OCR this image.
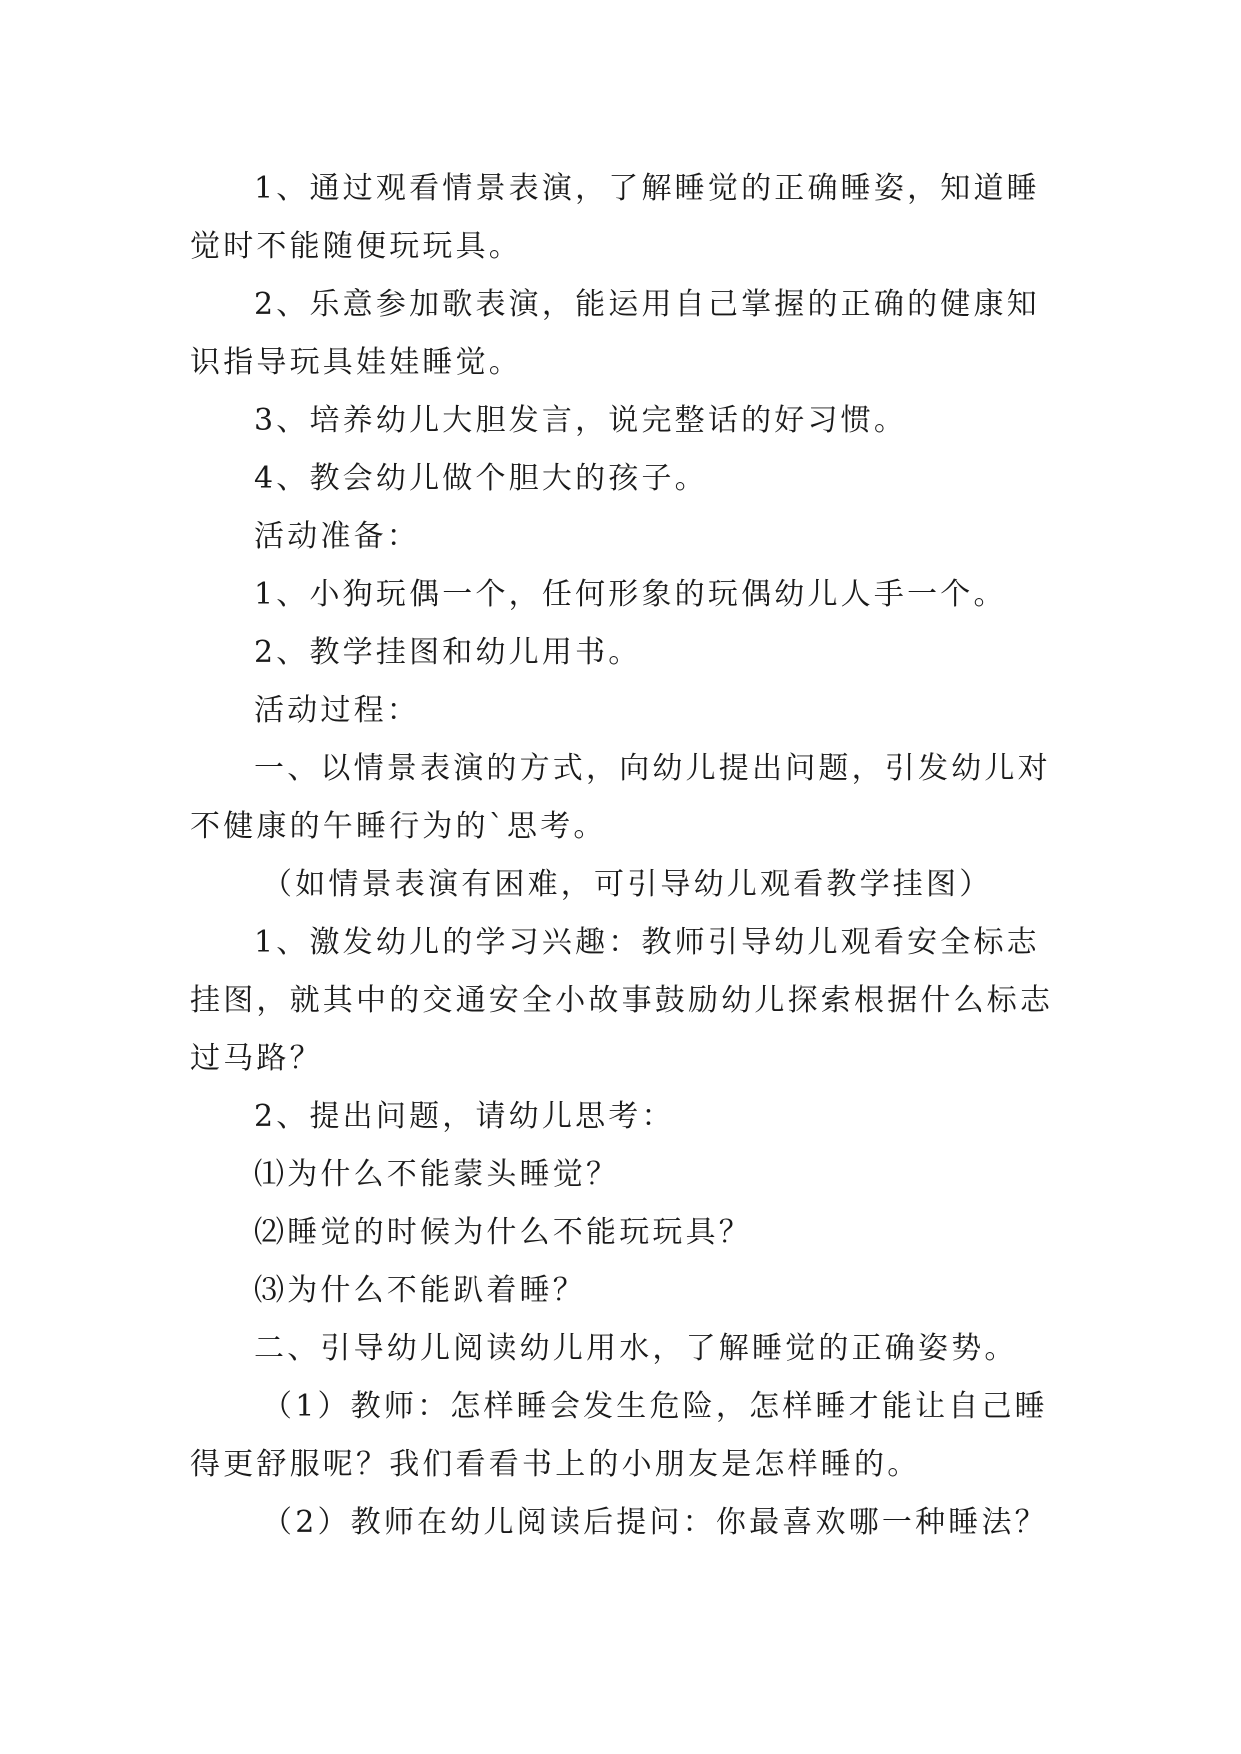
1、通过观看情景表演，了解睡觉的正确睡姿，知道睡觉时不能随便玩玩具。

2、乐意参加歌表演，能运用自己掌握的正确的健康知识指导玩具娃娃睡觉。

3、培养幼儿大胆发言，说完整话的好习惯。

4、教会幼儿做个胆大的孩子。

活动准备：

1、小狗玩偶一个，任何形象的玩偶幼儿人手一个。

2、教学挂图和幼儿用书。

活动过程：

一、以情景表演的方式，向幼儿提出问题，引发幼儿对不健康的午睡行为的`思考。

（如情景表演有困难，可引导幼儿观看教学挂图）

1、激发幼儿的学习兴趣：教师引导幼儿观看安全标志挂图，就其中的交通安全小故事鼓励幼儿探索根据什么标志过马路？

2、提出问题，请幼儿思考：

⑴为什么不能蒙头睡觉？

⑵睡觉的时候为什么不能玩玩具？

⑶为什么不能趴着睡？

二、引导幼儿阅读幼儿用水，了解睡觉的正确姿势。

（1）教师：怎样睡会发生危险，怎样睡才能让自己睡得更舒服呢？我们看看书上的小朋友是怎样睡的。

（2）教师在幼儿阅读后提问：你最喜欢哪一种睡法？
